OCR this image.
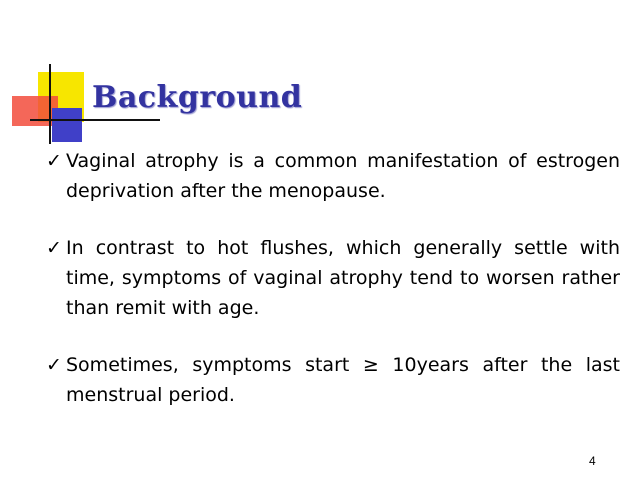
Background
✓ Vaginal atrophy is a common manifestation of estrogen deprivation after the menopause.
✓ In contrast to hot flushes, which generally settle with time, symptoms of vaginal atrophy tend to worsen rather than remit with age.
✓ Sometimes, symptoms start ≥ 10years after the last menstrual period.
4
